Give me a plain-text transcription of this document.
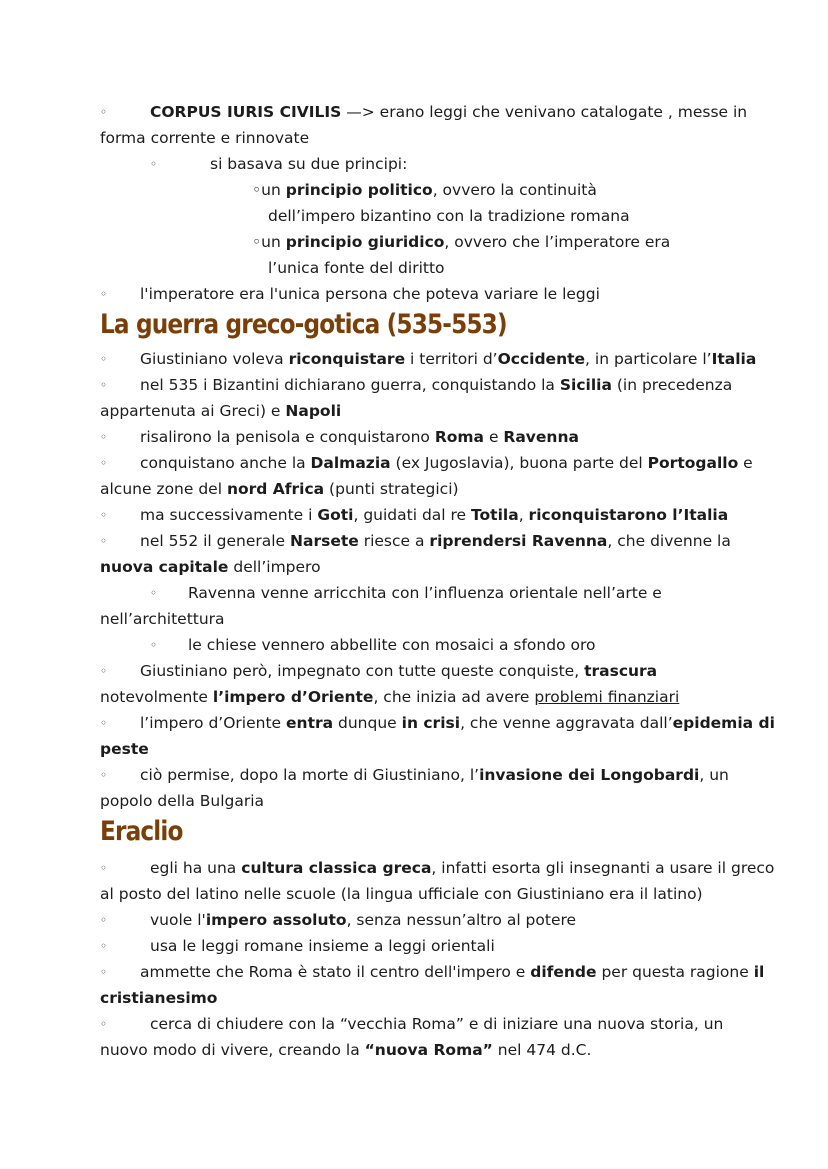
◦	CORPUS IURIS CIVILIS —> erano leggi che venivano catalogate , messe in
forma corrente e rinnovate
◦	si basava su due principi:
◦un principio politico, ovvero la continuità
dell’impero bizantino con la tradizione romana
◦un principio giuridico, ovvero che l’imperatore era
l’unica fonte del diritto
◦ l'imperatore era l'unica persona che poteva variare le leggi
La guerra greco-gotica (535-553)
◦ Giustiniano voleva riconquistare i territori d’Occidente, in particolare l’Italia
◦ nel 535 i Bizantini dichiarano guerra, conquistando la Sicilia (in precedenza
appartenuta ai Greci) e Napoli
◦ risalirono la penisola e conquistarono Roma e Ravenna
◦ conquistano anche la Dalmazia (ex Jugoslavia), buona parte del Portogallo e
alcune zone del nord Africa (punti strategici)
◦ ma successivamente i Goti, guidati dal re Totila, riconquistarono l’Italia
◦ nel 552 il generale Narsete riesce a riprendersi Ravenna, che divenne la
nuova capitale dell’impero
◦ Ravenna venne arricchita con l’influenza orientale nell’arte e
nell’architettura
◦ le chiese vennero abbellite con mosaici a sfondo oro
◦ Giustiniano però, impegnato con tutte queste conquiste, trascura
notevolmente l’impero d’Oriente, che inizia ad avere problemi finanziari
◦ l’impero d’Oriente entra dunque in crisi, che venne aggravata dall’epidemia di
peste
◦ ciò permise, dopo la morte di Giustiniano, l’invasione dei Longobardi, un
popolo della Bulgaria
Eraclio
◦	egli ha una cultura classica greca, infatti esorta gli insegnanti a usare il greco
al posto del latino nelle scuole (la lingua ufficiale con Giustiniano era il latino)
◦	vuole l'impero assoluto, senza nessun’altro al potere
◦	usa le leggi romane insieme a leggi orientali
◦ ammette che Roma è stato il centro dell'impero e difende per questa ragione il
cristianesimo
◦	cerca di chiudere con la “vecchia Roma” e di iniziare una nuova storia, un
nuovo modo di vivere, creando la “nuova Roma” nel 474 d.C.
